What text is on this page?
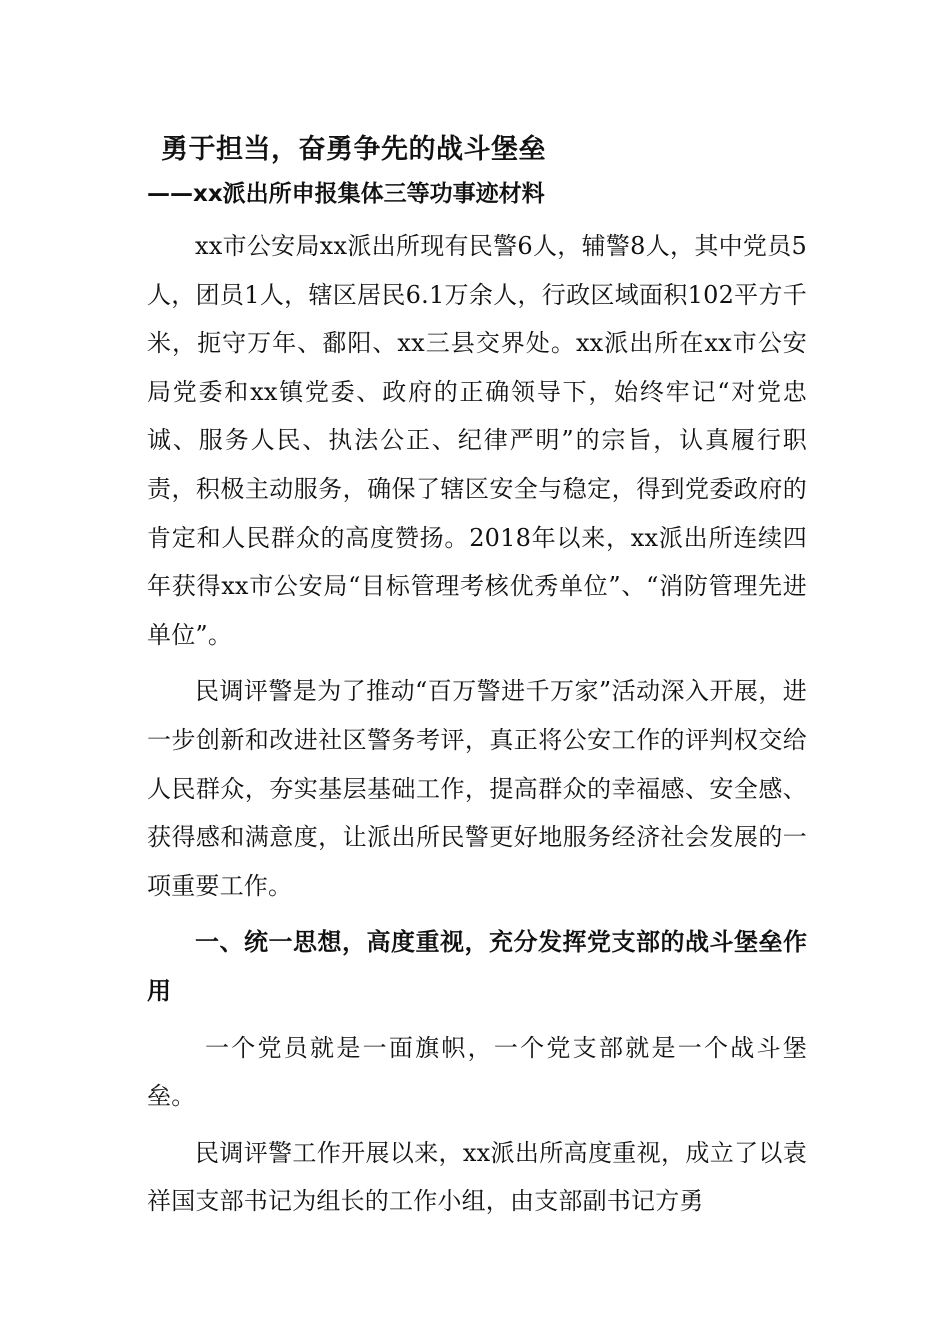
勇于担当，奋勇争先的战斗堡垒
——xx派出所申报集体三等功事迹材料

xx市公安局xx派出所现有民警6人，辅警8人，其中党员5人，团员1人，辖区居民6.1万余人，行政区域面积102平方千米，扼守万年、鄱阳、xx三县交界处。xx派出所在xx市公安局党委和xx镇党委、政府的正确领导下，始终牢记“对党忠诚、服务人民、执法公正、纪律严明”的宗旨，认真履行职责，积极主动服务，确保了辖区安全与稳定，得到党委政府的肯定和人民群众的高度赞扬。2018年以来，xx派出所连续四年获得xx市公安局“目标管理考核优秀单位”、“消防管理先进单位”。

民调评警是为了推动“百万警进千万家”活动深入开展，进一步创新和改进社区警务考评，真正将公安工作的评判权交给人民群众，夯实基层基础工作，提高群众的幸福感、安全感、获得感和满意度，让派出所民警更好地服务经济社会发展的一项重要工作。

一、统一思想，高度重视，充分发挥党支部的战斗堡垒作用

一个党员就是一面旗帜，一个党支部就是一个战斗堡垒。

民调评警工作开展以来，xx派出所高度重视，成立了以袁祥国支部书记为组长的工作小组，由支部副书记方勇
